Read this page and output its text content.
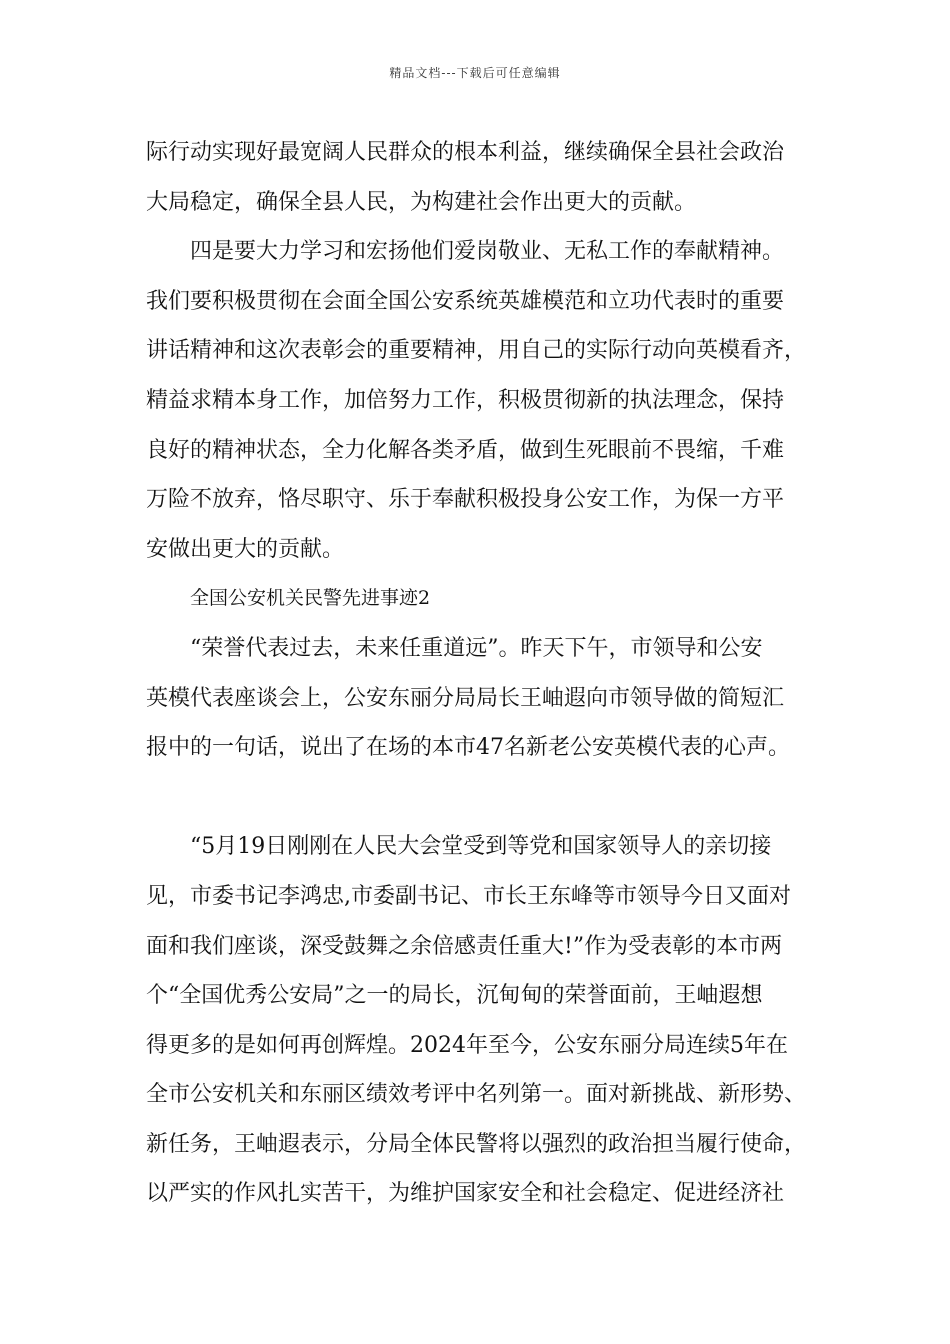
精品文档---下载后可任意编辑
际行动实现好最宽阔人民群众的根本利益，继续确保全县社会政治
大局稳定，确保全县人民，为构建社会作出更大的贡献。
四是要大力学习和宏扬他们爱岗敬业、无私工作的奉献精神。
我们要积极贯彻在会面全国公安系统英雄模范和立功代表时的重要
讲话精神和这次表彰会的重要精神，用自己的实际行动向英模看齐，
精益求精本身工作，加倍努力工作，积极贯彻新的执法理念，保持
良好的精神状态，全力化解各类矛盾，做到生死眼前不畏缩，千难
万险不放弃，恪尽职守、乐于奉献积极投身公安工作，为保一方平
安做出更大的贡献。
全国公安机关民警先进事迹2
“荣誉代表过去，未来任重道远”。昨天下午，市领导和公安
英模代表座谈会上，公安东丽分局局长王岫遐向市领导做的简短汇
报中的一句话，说出了在场的本市47名新老公安英模代表的心声。
“5月19日刚刚在人民大会堂受到等党和国家领导人的亲切接
见，市委书记李鸿忠,市委副书记、市长王东峰等市领导今日又面对
面和我们座谈，深受鼓舞之余倍感责任重大!”作为受表彰的本市两
个“全国优秀公安局”之一的局长，沉甸甸的荣誉面前，王岫遐想
得更多的是如何再创辉煌。2024年至今，公安东丽分局连续5年在
全市公安机关和东丽区绩效考评中名列第一。面对新挑战、新形势、
新任务，王岫遐表示，分局全体民警将以强烈的政治担当履行使命，
以严实的作风扎实苦干，为维护国家安全和社会稳定、促进经济社
